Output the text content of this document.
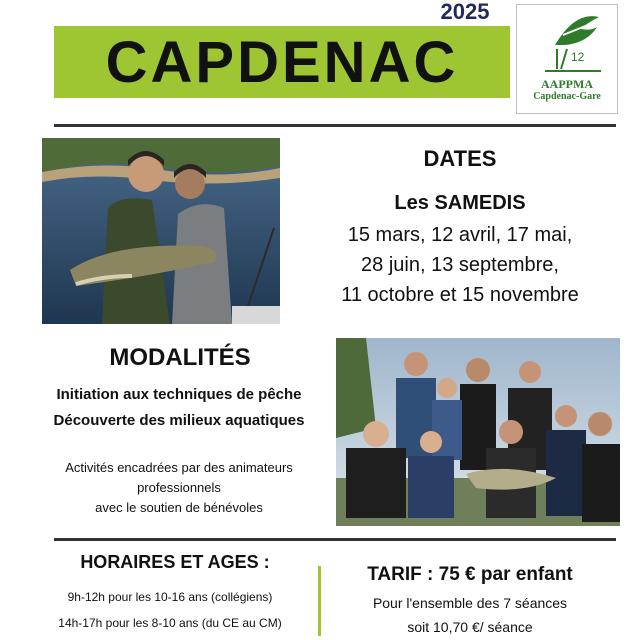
2025
CAPDENAC	12
AAPPMA
Capdenac-Gare
DATES
Les SAMEDIS
15 mars, 12 avril, 17 mai,
28 juin, 13 septembre,
11 octobre et 15 novembre
MODALITÉS
Initiation aux techniques de pêche
Découverte des milieux aquatiques
Activités encadrées par des animateurs
professionnels
avec le soutien de bénévoles
HORAIRES ET AGES :
9h-12h pour les 10-16 ans (collégiens)
14h-17h pour les 8-10 ans (du CE au CM)
TARIF : 75 € par enfant
Pour l'ensemble des 7 séances
soit 10,70 €/ séance
